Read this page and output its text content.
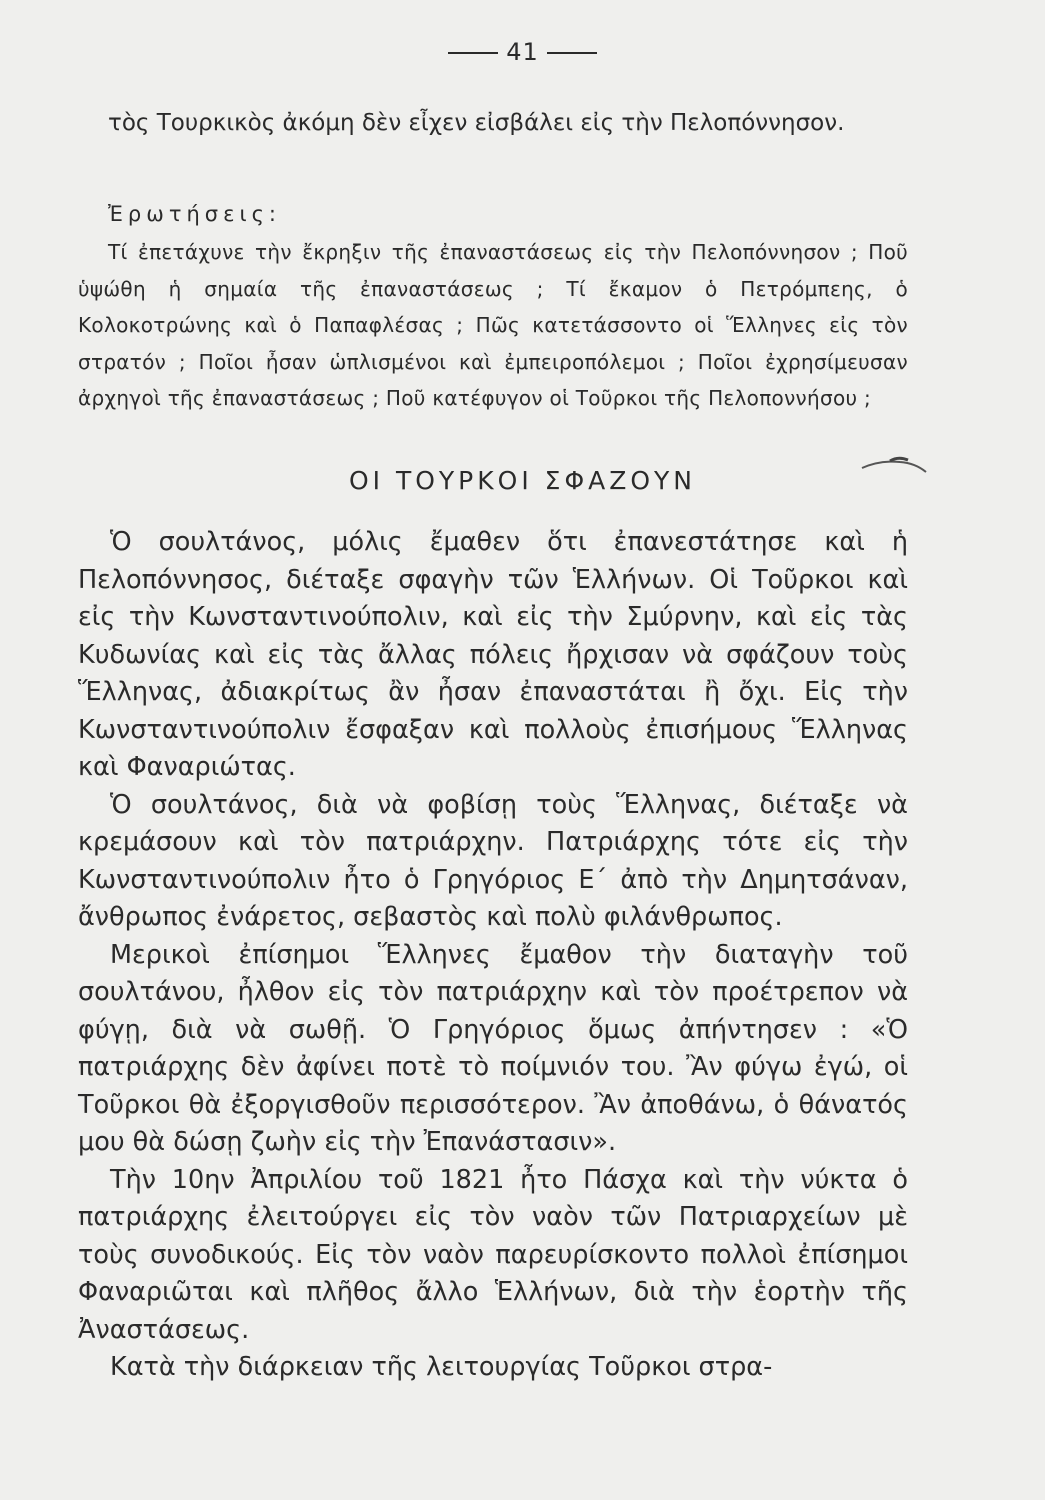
41
τὸς Τουρκικὸς ἀκόμη δὲν εἶχεν εἰσβάλει εἰς τὴν Πελοπόννησον.
Ἐρωτήσεις:
Τί ἐπετάχυνε τὴν ἔκρηξιν τῆς ἐπαναστάσεως εἰς τὴν Πελοπόννησον ; Ποῦ ὑψώθη ἡ σημαία τῆς ἐπαναστάσεως ; Τί ἔκαμον ὁ Πετρόμπεης, ὁ Κολοκοτρώνης καὶ ὁ Παπαφλέσας ; Πῶς κατετάσσοντο οἱ Ἕλληνες εἰς τὸν στρατόν ; Ποῖοι ἦσαν ὡπλισμένοι καὶ ἐμπειροπόλεμοι ; Ποῖοι ἐχρησίμευσαν ἀρχηγοὶ τῆς ἐπαναστάσεως ; Ποῦ κατέφυγον οἱ Τοῦρκοι τῆς Πελοποννήσου ;
ΟΙ ΤΟΥΡΚΟΙ ΣΦΑΖΟΥΝ

Ὁ σουλτάνος, μόλις ἔμαθεν ὅτι ἐπανεστάτησε καὶ ἡ Πελοπόννησος, διέταξε σφαγὴν τῶν Ἑλλήνων. Οἱ Τοῦρκοι καὶ εἰς τὴν Κωνσταντινούπολιν, καὶ εἰς τὴν Σμύρνην, καὶ εἰς τὰς Κυδωνίας καὶ εἰς τὰς ἄλλας πόλεις ἤρχισαν νὰ σφάζουν τοὺς Ἕλληνας, ἀδιακρίτως ἂν ἦσαν ἐπαναστάται ἢ ὄχι. Εἰς τὴν Κωνσταντινούπολιν ἔσφαξαν καὶ πολλοὺς ἐπισήμους Ἕλληνας καὶ Φαναριώτας.

Ὁ σουλτάνος, διὰ νὰ φοβίσῃ τοὺς Ἕλληνας, διέταξε νὰ κρεμάσουν καὶ τὸν πατριάρχην. Πατριάρχης τότε εἰς τὴν Κωνσταντινούπολιν ἦτο ὁ Γρηγόριος Ε΄ ἀπὸ τὴν Δημητσάναν, ἄνθρωπος ἐνάρετος, σεβαστὸς καὶ πολὺ φιλάνθρωπος.

Μερικοὶ ἐπίσημοι Ἕλληνες ἔμαθον τὴν διαταγὴν τοῦ σουλτάνου, ἦλθον εἰς τὸν πατριάρχην καὶ τὸν προέτρεπον νὰ φύγῃ, διὰ νὰ σωθῇ. Ὁ Γρηγόριος ὅμως ἀπήντησεν : «Ὁ πατριάρχης δὲν ἀφίνει ποτὲ τὸ ποίμνιόν του. Ἂν φύγω ἐγώ, οἱ Τοῦρκοι θὰ ἐξοργισθοῦν περισσότερον. Ἂν ἀποθάνω, ὁ θάνατός μου θὰ δώσῃ ζωὴν εἰς τὴν Ἐπανάστασιν».

Τὴν 10ην Ἀπριλίου τοῦ 1821 ἦτο Πάσχα καὶ τὴν νύκτα ὁ πατριάρχης ἐλειτούργει εἰς τὸν ναὸν τῶν Πατριαρχείων μὲ τοὺς συνοδικούς. Εἰς τὸν ναὸν παρευρίσκοντο πολλοὶ ἐπίσημοι Φαναριῶται καὶ πλῆθος ἄλλο Ἑλλήνων, διὰ τὴν ἑορτὴν τῆς Ἀναστάσεως.

Κατὰ τὴν διάρκειαν τῆς λειτουργίας Τοῦρκοι στρα-
